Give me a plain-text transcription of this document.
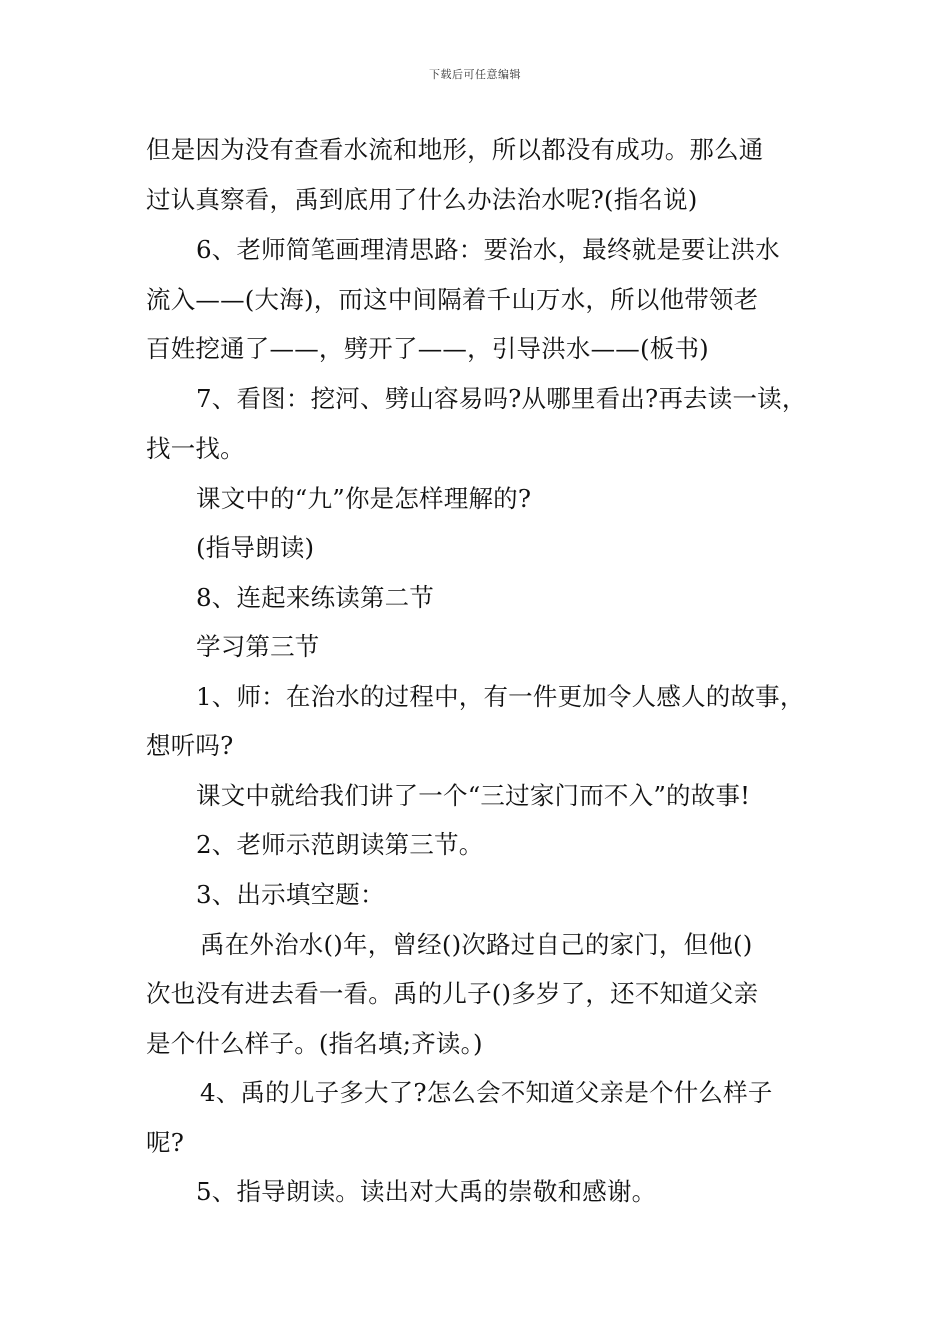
下载后可任意编辑
但是因为没有查看水流和地形，所以都没有成功。那么通
过认真察看，禹到底用了什么办法治水呢?(指名说)
6、老师简笔画理清思路：要治水，最终就是要让洪水
流入——(大海)，而这中间隔着千山万水，所以他带领老
百姓挖通了——，劈开了——，引导洪水——(板书)
7、看图：挖河、劈山容易吗?从哪里看出?再去读一读，
找一找。
课文中的“九”你是怎样理解的?
(指导朗读)
8、连起来练读第二节
学习第三节
1、师：在治水的过程中，有一件更加令人感人的故事，
想听吗?
课文中就给我们讲了一个“三过家门而不入”的故事!
2、老师示范朗读第三节。
3、出示填空题：
禹在外治水()年，曾经()次路过自己的家门，但他()
次也没有进去看一看。禹的儿子()多岁了，还不知道父亲
是个什么样子。(指名填;齐读。)
4、禹的儿子多大了?怎么会不知道父亲是个什么样子
呢?
5、指导朗读。读出对大禹的崇敬和感谢。
